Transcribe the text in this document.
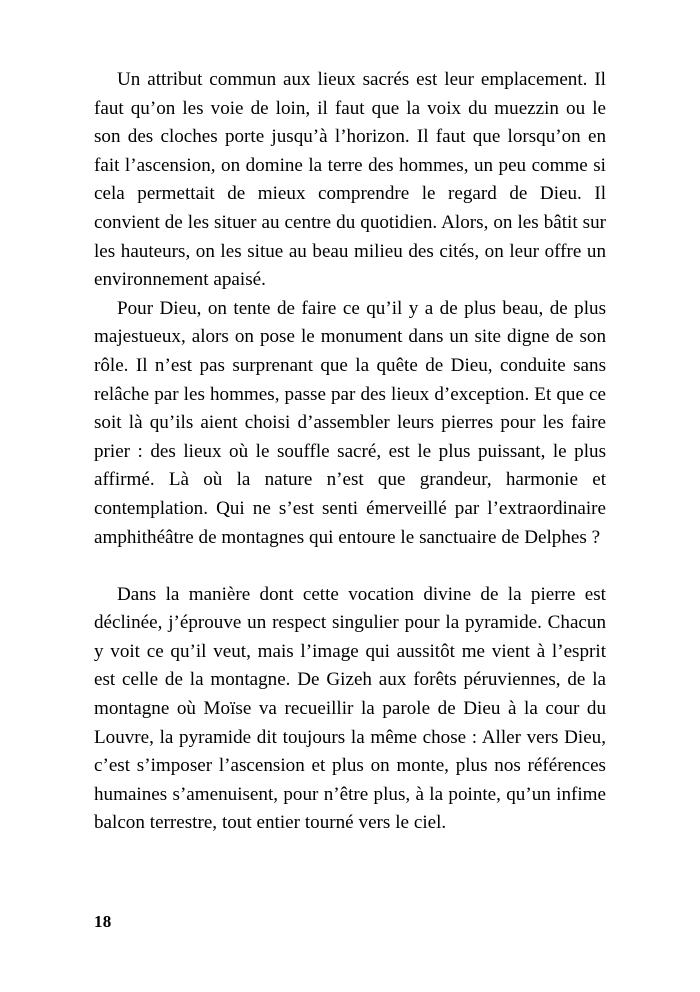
Un attribut commun aux lieux sacrés est leur emplacement. Il faut qu’on les voie de loin, il faut que la voix du muezzin ou le son des cloches porte jusqu’à l’horizon. Il faut que lorsqu’on en fait l’ascension, on domine la terre des hommes, un peu comme si cela permettait de mieux comprendre le regard de Dieu. Il convient de les situer au centre du quotidien. Alors, on les bâtit sur les hauteurs, on les situe au beau milieu des cités, on leur offre un environnement apaisé.

Pour Dieu, on tente de faire ce qu’il y a de plus beau, de plus majestueux, alors on pose le monument dans un site digne de son rôle. Il n’est pas surprenant que la quête de Dieu, conduite sans relâche par les hommes, passe par des lieux d’exception. Et que ce soit là qu’ils aient choisi d’assembler leurs pierres pour les faire prier : des lieux où le souffle sacré, est le plus puissant, le plus affirmé. Là où la nature n’est que grandeur, harmonie et contemplation. Qui ne s’est senti émerveillé par l’extraordinaire amphithéâtre de montagnes qui entoure le sanctuaire de Delphes ?

Dans la manière dont cette vocation divine de la pierre est déclinée, j’éprouve un respect singulier pour la pyramide. Chacun y voit ce qu’il veut, mais l’image qui aussitôt me vient à l’esprit est celle de la montagne. De Gizeh aux forêts péruviennes, de la montagne où Moïse va recueillir la parole de Dieu à la cour du Louvre, la pyramide dit toujours la même chose : Aller vers Dieu, c’est s’imposer l’ascension et plus on monte, plus nos références humaines s’amenuisent, pour n’être plus, à la pointe, qu’un infime balcon terrestre, tout entier tourné vers le ciel.

18
